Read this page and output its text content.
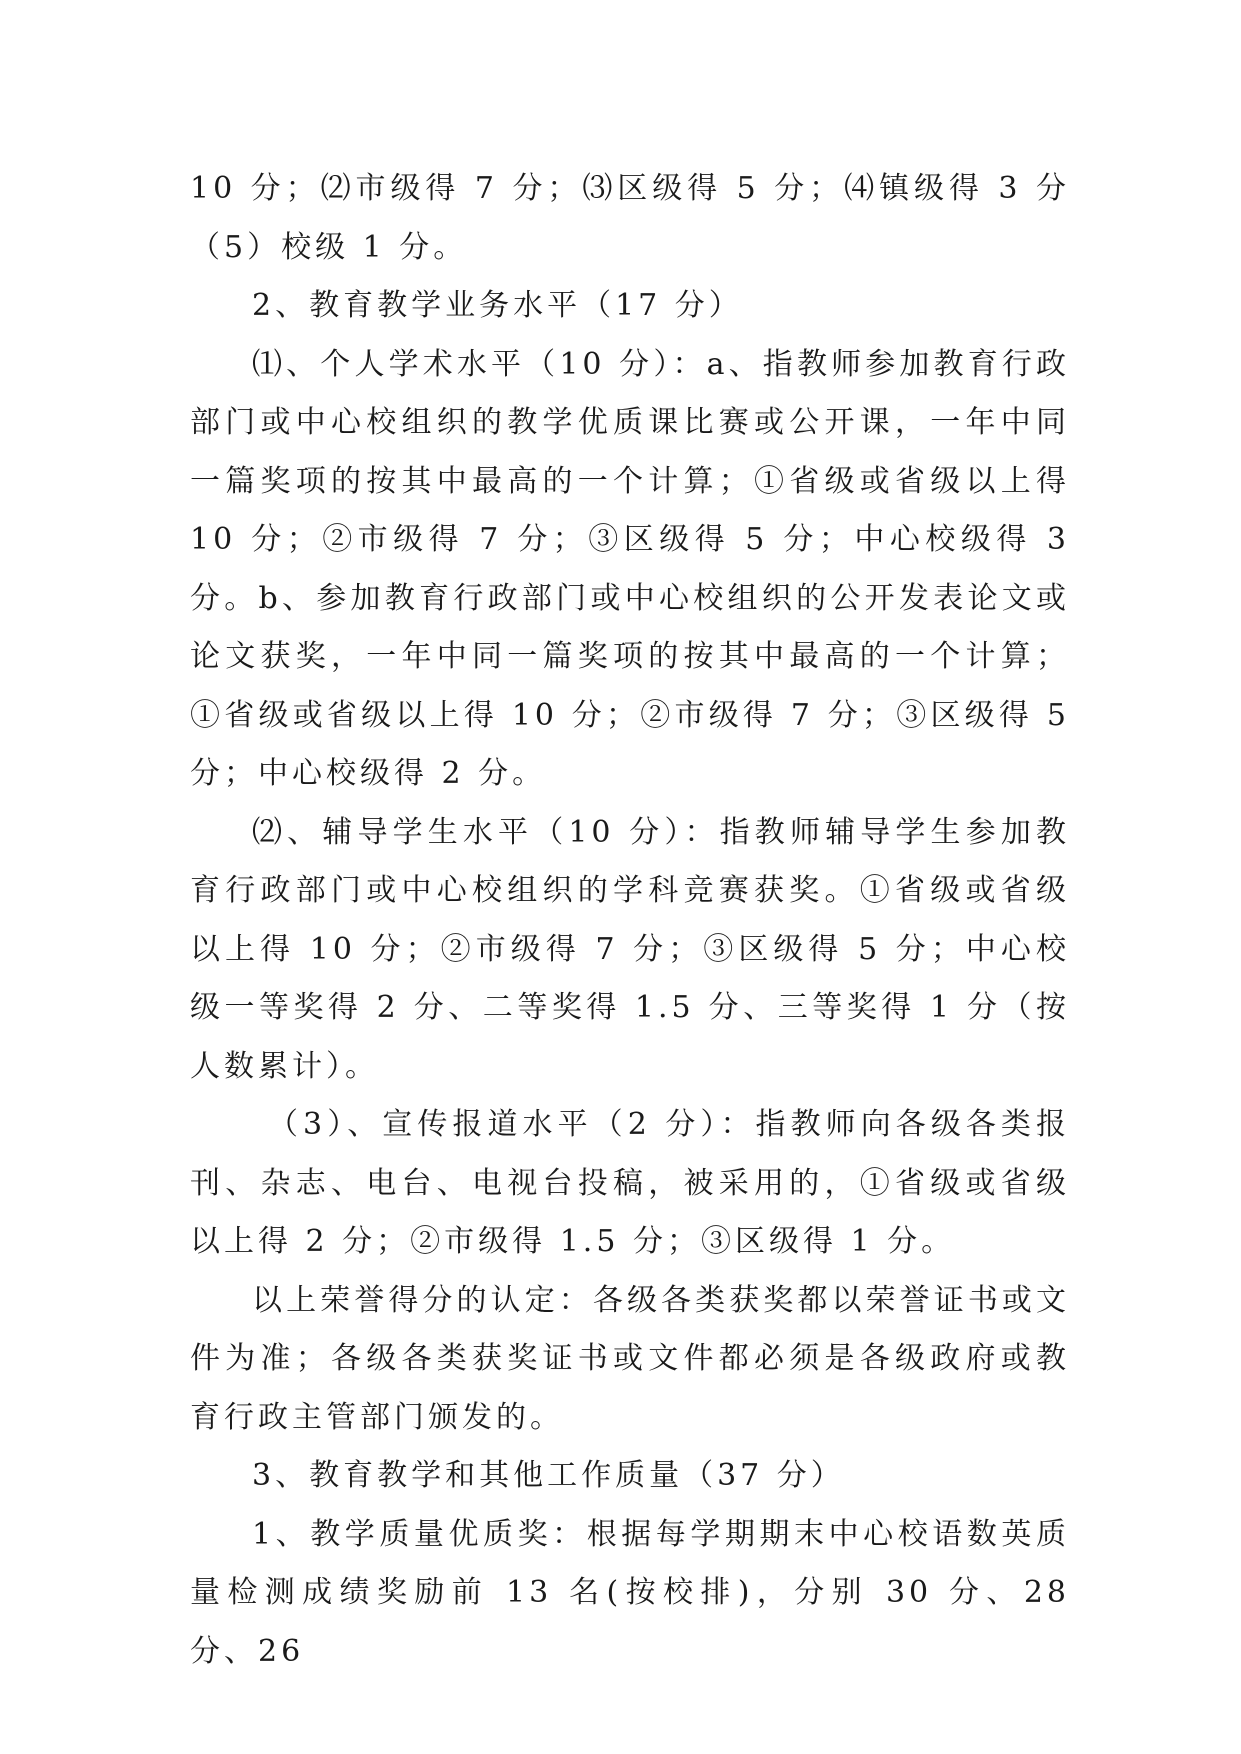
10 分；⑵市级得 7 分；⑶区级得 5 分；⑷镇级得 3 分（5）校级 1 分。

2、教育教学业务水平（17 分）

⑴、个人学术水平（10 分）：a、指教师参加教育行政部门或中心校组织的教学优质课比赛或公开课，一年中同一篇奖项的按其中最高的一个计算；①省级或省级以上得 10 分；②市级得 7 分；③区级得 5 分；中心校级得 3 分。b、参加教育行政部门或中心校组织的公开发表论文或论文获奖，一年中同一篇奖项的按其中最高的一个计算；①省级或省级以上得 10 分；②市级得 7 分；③区级得 5 分；中心校级得 2 分。

⑵、辅导学生水平（10 分）：指教师辅导学生参加教育行政部门或中心校组织的学科竞赛获奖。①省级或省级以上得 10 分；②市级得 7 分；③区级得 5 分；中心校级一等奖得 2 分、二等奖得 1.5 分、三等奖得 1 分（按人数累计）。

（3）、宣传报道水平（2 分）：指教师向各级各类报刊、杂志、电台、电视台投稿，被采用的，①省级或省级以上得 2 分；②市级得 1.5 分；③区级得 1 分。

以上荣誉得分的认定：各级各类获奖都以荣誉证书或文件为准；各级各类获奖证书或文件都必须是各级政府或教育行政主管部门颁发的。

3、教育教学和其他工作质量（37 分）

1、教学质量优质奖：根据每学期期末中心校语数英质量检测成绩奖励前 13 名(按校排)，分别 30 分、28 分、26
